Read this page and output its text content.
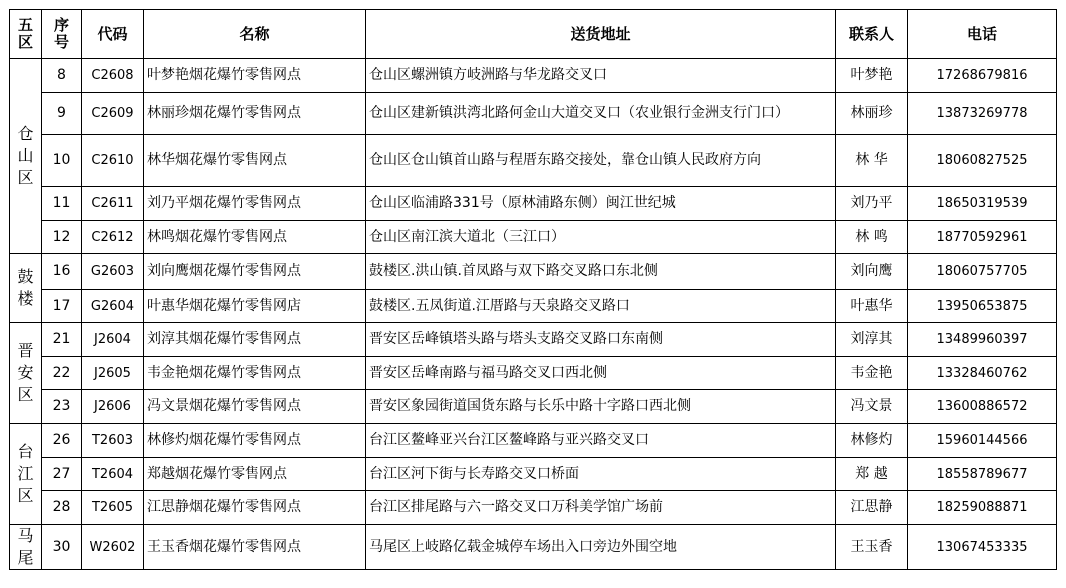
五区	序号	代码	名称	送货地址	联系人	电话
仓山区	8	C2608	叶梦艳烟花爆竹零售网点	仓山区螺洲镇方岐洲路与华龙路交叉口	叶梦艳	17268679816
	9	C2609	林丽珍烟花爆竹零售网点	仓山区建新镇洪湾北路何金山大道交叉口（农业银行金洲支行门口）	林丽珍	13873269778
	10	C2610	林华烟花爆竹零售网点	仓山区仓山镇首山路与程厝东路交接处，靠仓山镇人民政府方向	林 华	18060827525
	11	C2611	刘乃平烟花爆竹零售网点	仓山区临浦路331号（原林浦路东侧）闽江世纪城	刘乃平	18650319539
	12	C2612	林鸣烟花爆竹零售网点	仓山区南江滨大道北（三江口）	林 鸣	18770592961
鼓楼	16	G2603	刘向鹰烟花爆竹零售网点	鼓楼区.洪山镇.首凤路与双下路交叉路口东北侧	刘向鹰	18060757705
	17	G2604	叶惠华烟花爆竹零售网店	鼓楼区.五凤街道.江厝路与天泉路交叉路口	叶惠华	13950653875
晋安区	21	J2604	刘淳其烟花爆竹零售网点	晋安区岳峰镇塔头路与塔头支路交叉路口东南侧	刘淳其	13489960397
	22	J2605	韦金艳烟花爆竹零售网点	晋安区岳峰南路与福马路交叉口西北侧	韦金艳	13328460762
	23	J2606	冯文景烟花爆竹零售网点	晋安区象园街道国货东路与长乐中路十字路口西北侧	冯文景	13600886572
台江区	26	T2603	林修灼烟花爆竹零售网点	台江区鳌峰亚兴台江区鳌峰路与亚兴路交叉口	林修灼	15960144566
	27	T2604	郑越烟花爆竹零售网点	台江区河下街与长寿路交叉口桥面	郑 越	18558789677
	28	T2605	江思静烟花爆竹零售网点	台江区排尾路与六一路交叉口万科美学馆广场前	江思静	18259088871
马尾	30	W2602	王玉香烟花爆竹零售网点	马尾区上岐路亿载金城停车场出入口旁边外围空地	王玉香	13067453335
